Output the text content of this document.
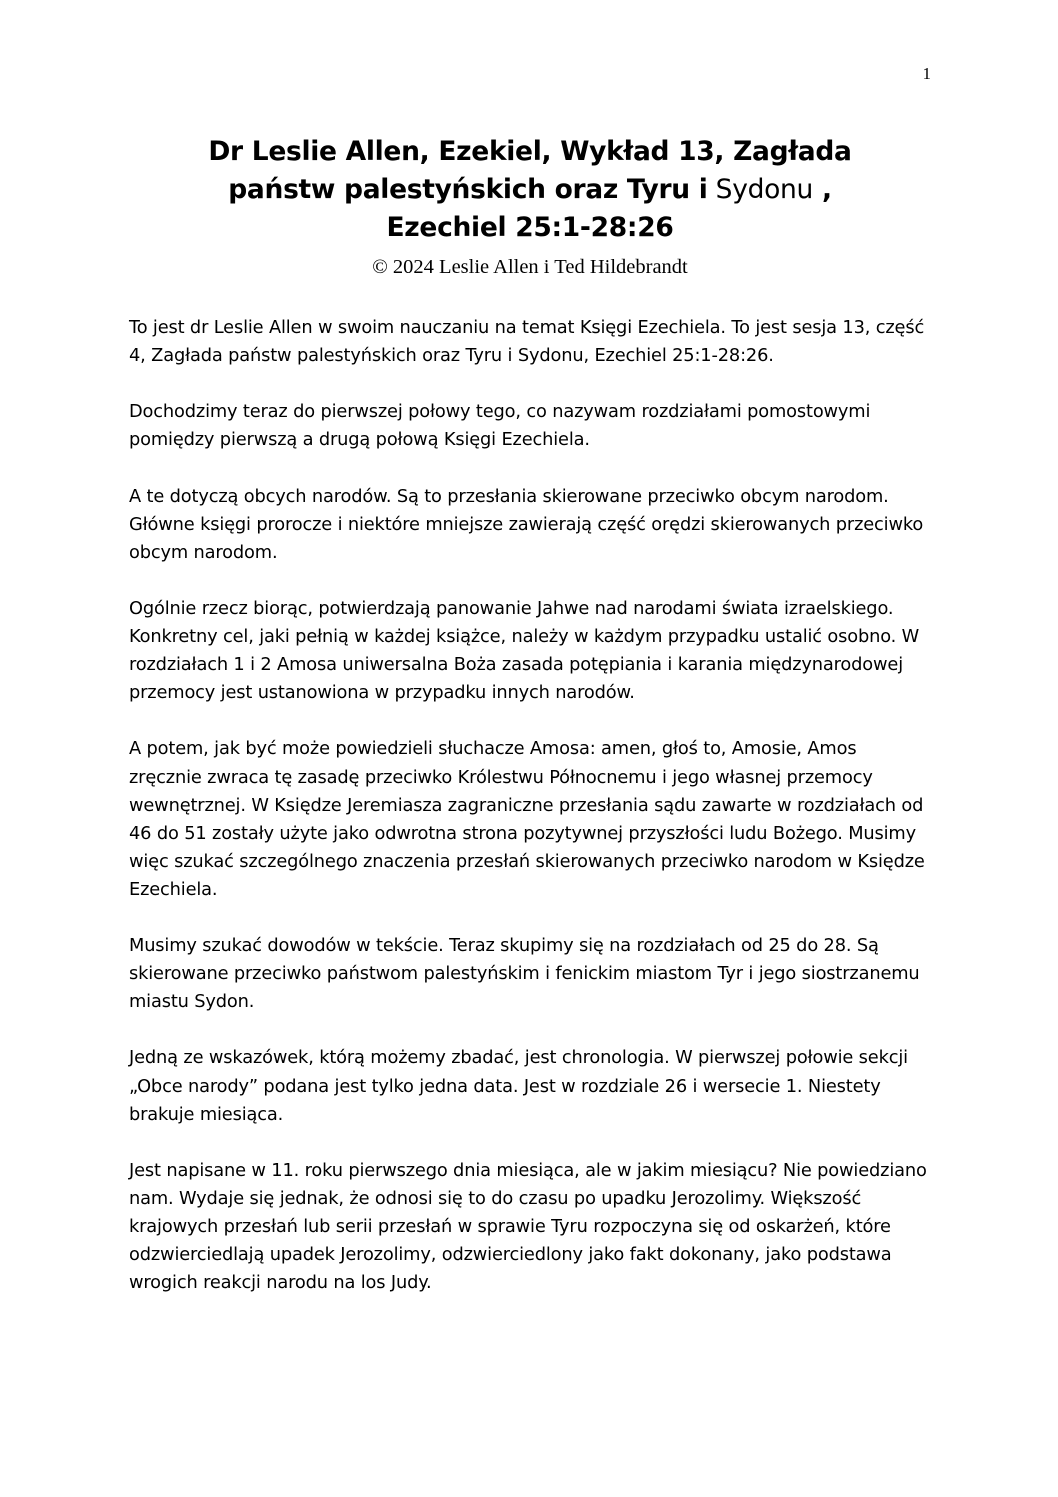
1
Dr Leslie Allen, Ezekiel, Wykład 13, Zagłada
państw palestyńskich oraz Tyru i Sydonu ,
Ezechiel 25:1-28:26
© 2024 Leslie Allen i Ted Hildebrandt

To jest dr Leslie Allen w swoim nauczaniu na temat Księgi Ezechiela. To jest sesja 13, część 4, Zagłada państw palestyńskich oraz Tyru i Sydonu, Ezechiel 25:1-28:26.

Dochodzimy teraz do pierwszej połowy tego, co nazywam rozdziałami pomostowymi pomiędzy pierwszą a drugą połową Księgi Ezechiela.

A te dotyczą obcych narodów. Są to przesłania skierowane przeciwko obcym narodom. Główne księgi prorocze i niektóre mniejsze zawierają część orędzi skierowanych przeciwko obcym narodom.

Ogólnie rzecz biorąc, potwierdzają panowanie Jahwe nad narodami świata izraelskiego. Konkretny cel, jaki pełnią w każdej książce, należy w każdym przypadku ustalić osobno. W rozdziałach 1 i 2 Amosa uniwersalna Boża zasada potępiania i karania międzynarodowej przemocy jest ustanowiona w przypadku innych narodów.

A potem, jak być może powiedzieli słuchacze Amosa: amen, głoś to, Amosie, Amos zręcznie zwraca tę zasadę przeciwko Królestwu Północnemu i jego własnej przemocy wewnętrznej. W Księdze Jeremiasza zagraniczne przesłania sądu zawarte w rozdziałach od 46 do 51 zostały użyte jako odwrotna strona pozytywnej przyszłości ludu Bożego. Musimy więc szukać szczególnego znaczenia przesłań skierowanych przeciwko narodom w Księdze Ezechiela.

Musimy szukać dowodów w tekście. Teraz skupimy się na rozdziałach od 25 do 28. Są skierowane przeciwko państwom palestyńskim i fenickim miastom Tyr i jego siostrzanemu miastu Sydon.

Jedną ze wskazówek, którą możemy zbadać, jest chronologia. W pierwszej połowie sekcji „Obce narody” podana jest tylko jedna data. Jest w rozdziale 26 i wersecie 1. Niestety brakuje miesiąca.

Jest napisane w 11. roku pierwszego dnia miesiąca, ale w jakim miesiącu? Nie powiedziano nam. Wydaje się jednak, że odnosi się to do czasu po upadku Jerozolimy. Większość krajowych przesłań lub serii przesłań w sprawie Tyru rozpoczyna się od oskarżeń, które odzwierciedlają upadek Jerozolimy, odzwierciedlony jako fakt dokonany, jako podstawa wrogich reakcji narodu na los Judy.
